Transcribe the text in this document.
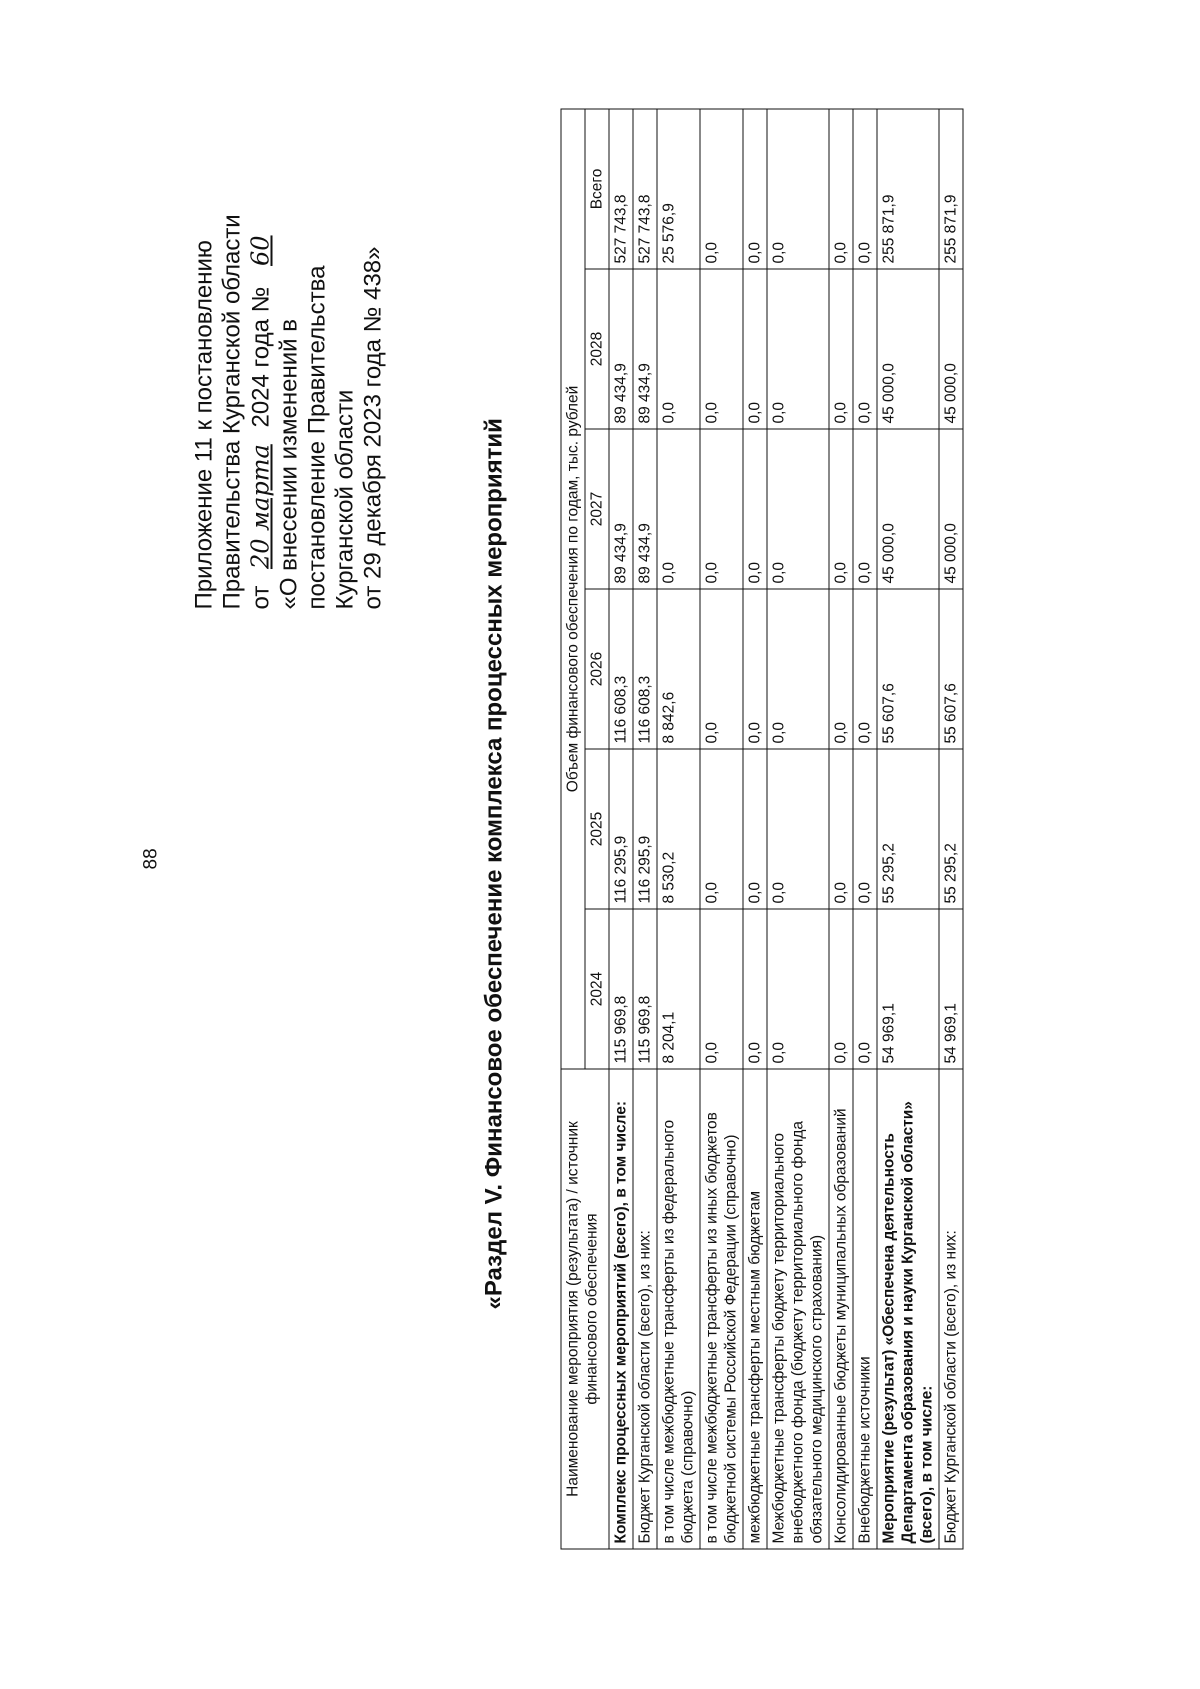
88
Приложение 11 к постановлению Правительства Курганской области от 20 марта 2024 года № 60
«О внесении изменений в постановление Правительства Курганской области от 29 декабря 2023 года № 438»	«Раздел V. Финансовое обеспечение комплекса процессных мероприятий	Наименование мероприятия (результата) / источник финансового обеспечения	Объем финансового обеспечения по годам, тыс. рублей					
	2024	2025	2026	2027	2028	Всего
Комплекс процессных мероприятий (всего), в том числе:	115 969,8	116 295,9	116 608,3	89 434,9	89 434,9	527 743,8
Бюджет Курганской области (всего), из них:	115 969,8	116 295,9	116 608,3	89 434,9	89 434,9	527 743,8
в том числе межбюджетные трансферты из федерального бюджета (справочно)	8 204,1	8 530,2	8 842,6	0,0	0,0	25 576,9
в том числе межбюджетные трансферты из иных бюджетов бюджетной системы Российской Федерации (справочно)	0,0	0,0	0,0	0,0	0,0	0,0
межбюджетные трансферты местным бюджетам	0,0	0,0	0,0	0,0	0,0	0,0
Межбюджетные трансферты бюджету территориального внебюджетного фонда (бюджету территориального фонда обязательного медицинского страхования)	0,0	0,0	0,0	0,0	0,0	0,0
Консолидированные бюджеты муниципальных образований	0,0	0,0	0,0	0,0	0,0	0,0
Внебюджетные источники	0,0	0,0	0,0	0,0	0,0	0,0
Мероприятие (результат) «Обеспечена деятельность Департамента образования и науки Курганской области» (всего), в том числе:	54 969,1	55 295,2	55 607,6	45 000,0	45 000,0	255 871,9
Бюджет Курганской области (всего), из них:	54 969,1	55 295,2	55 607,6	45 000,0	45 000,0	255 871,9
